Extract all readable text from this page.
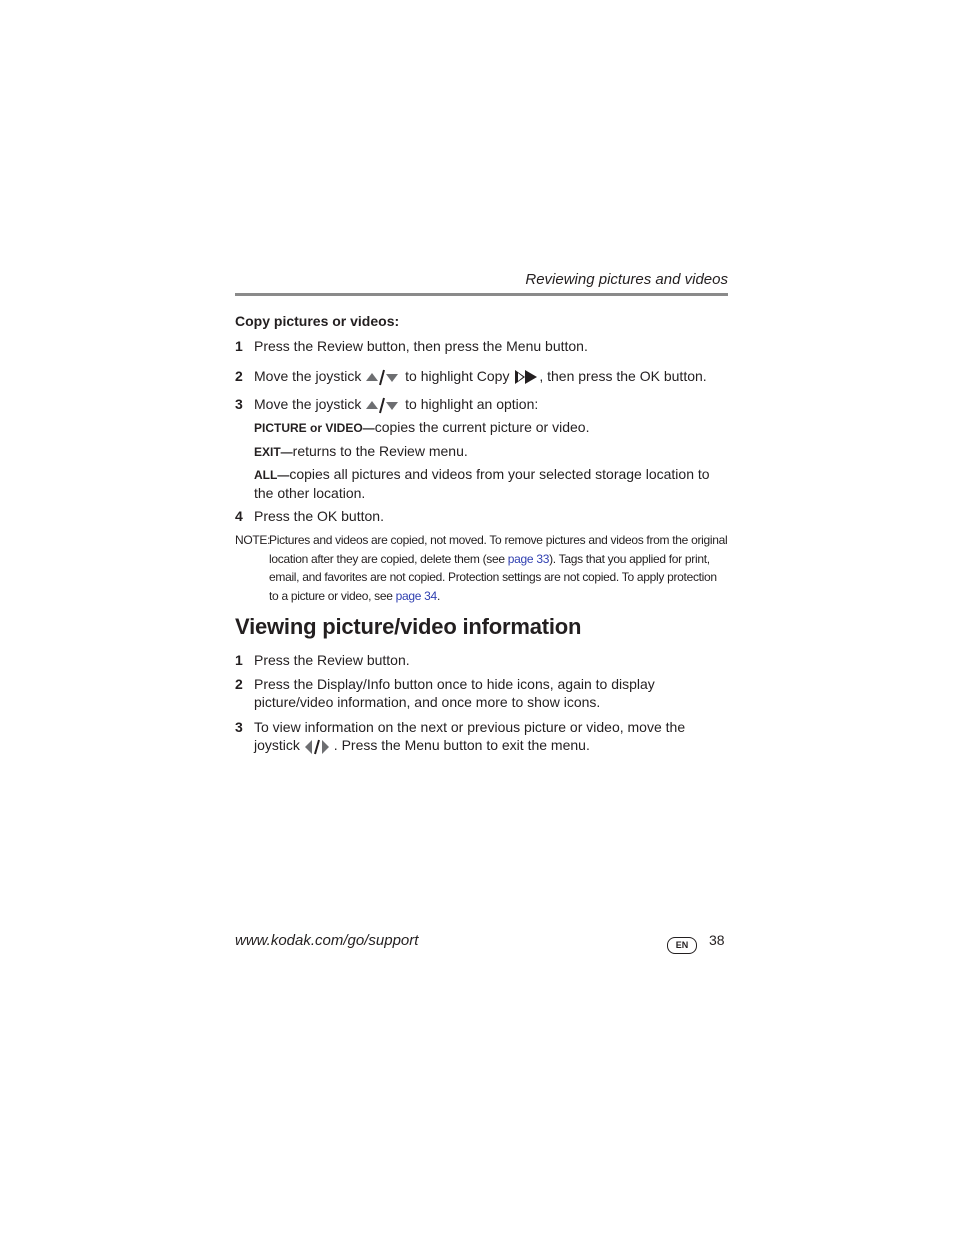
Reviewing pictures and videos
Copy pictures or videos:
1 Press the Review button, then press the Menu button.
2 Move the joystick	to highlight Copy , then press the OK button.
3 Move the joystick	to highlight an option:
PICTURE or VIDEO—copies the current picture or video.
EXIT—returns to the Review menu.
ALL—copies all pictures and videos from your selected storage location to the other location.
4 Press the OK button.
NOTE:
Pictures and videos are copied, not moved. To remove pictures and videos from the original location after they are copied, delete them (see page 33). Tags that you applied for print, email, and favorites are not copied. Protection settings are not copied. To apply protection to a picture or video, see page 34.
Viewing picture/video information
1 Press the Review button.
2 Press the Display/Info button once to hide icons, again to display picture/video information, and once more to show icons.
3 To view information on the next or previous picture or video, move the joystick . Press the Menu button to exit the menu.
www.kodak.com/go/support	EN	38
